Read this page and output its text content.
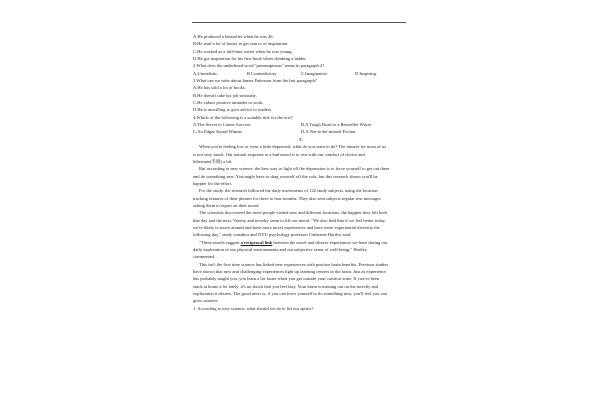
A.He produced a bestseller when he was 26.
B.He read a lot of books to get source of inspiration.
C.He worked as a full-time writer when he was young.
D.He got inspiration for his first book when climbing a ladder.
2.What does the underlined word "presumptuous" mean in paragraph 2?
A.Unrealistic.	B.Contradictory.	C.Imaginative.	D.Inspiring.
3.What can we infer about James Patterson from the last paragraph?
A.He has sold a lot of books.
B.He doesn't take his job seriously.
C.He values positive attitudes to work.
D.He is unwilling to give advice to readers.
4.Which of the following is a suitable title for the text?
A.The Secret to Career Success	B.A Tough Road to a Bestseller Writer
C.An Edgar Award Winner	D.A Not-to-be-missed Fiction
C
When you're feeling low or even a little depressed, what do you want to do? The answer for most of us
is not very much. Our natural response to a bad mood is to rest with our comfort of choice and
hibernate(冬眠) a bit.
But according to new science, the best way to fight off the depression is to force yourself to get out there
and do something new. You might have to drag yourself off the sofa, but this research shows you'll be
happier for the effort.
For the study, the research followed the daily movements of 122 study subjects, using the location-
tracking features of their phones for three to four months. They also sent subjects regular text messages
asking them to report on their mood.
The scientists discovered the more people visited new and different locations, the happier they felt both
that day and the next. Variety and novelty seem to lift our mood. "We also find that if we feel better today,
we're likely to move around and have more novel experiences and have more experiential diversity the
following day," study coauthor and NYU psychology professor Catherine Hartley said.
"These results suggest a reciprocal link between the novel and diverse experiences we have during our
daily exploration of our physical environments and our subjective sense of well-being," Hartley
commented.
This isn't the first time science has linked new experiences with positive brain benefits. Previous studies
have shown that new and challenging experiences light up learning centers in the brain. Just as experience
has probably taught you, you learn a lot faster when you get outside your comfort zone. If you've been
stuck at home a lot lately, it's no shock that you feel lazy. Your brain is missing out on the novelty and
exploration it desires. The good news is, if you can force yourself to do something new, you'll feel you can
grow smarter.
1. According to new science, what should we do to lift our spirits?
